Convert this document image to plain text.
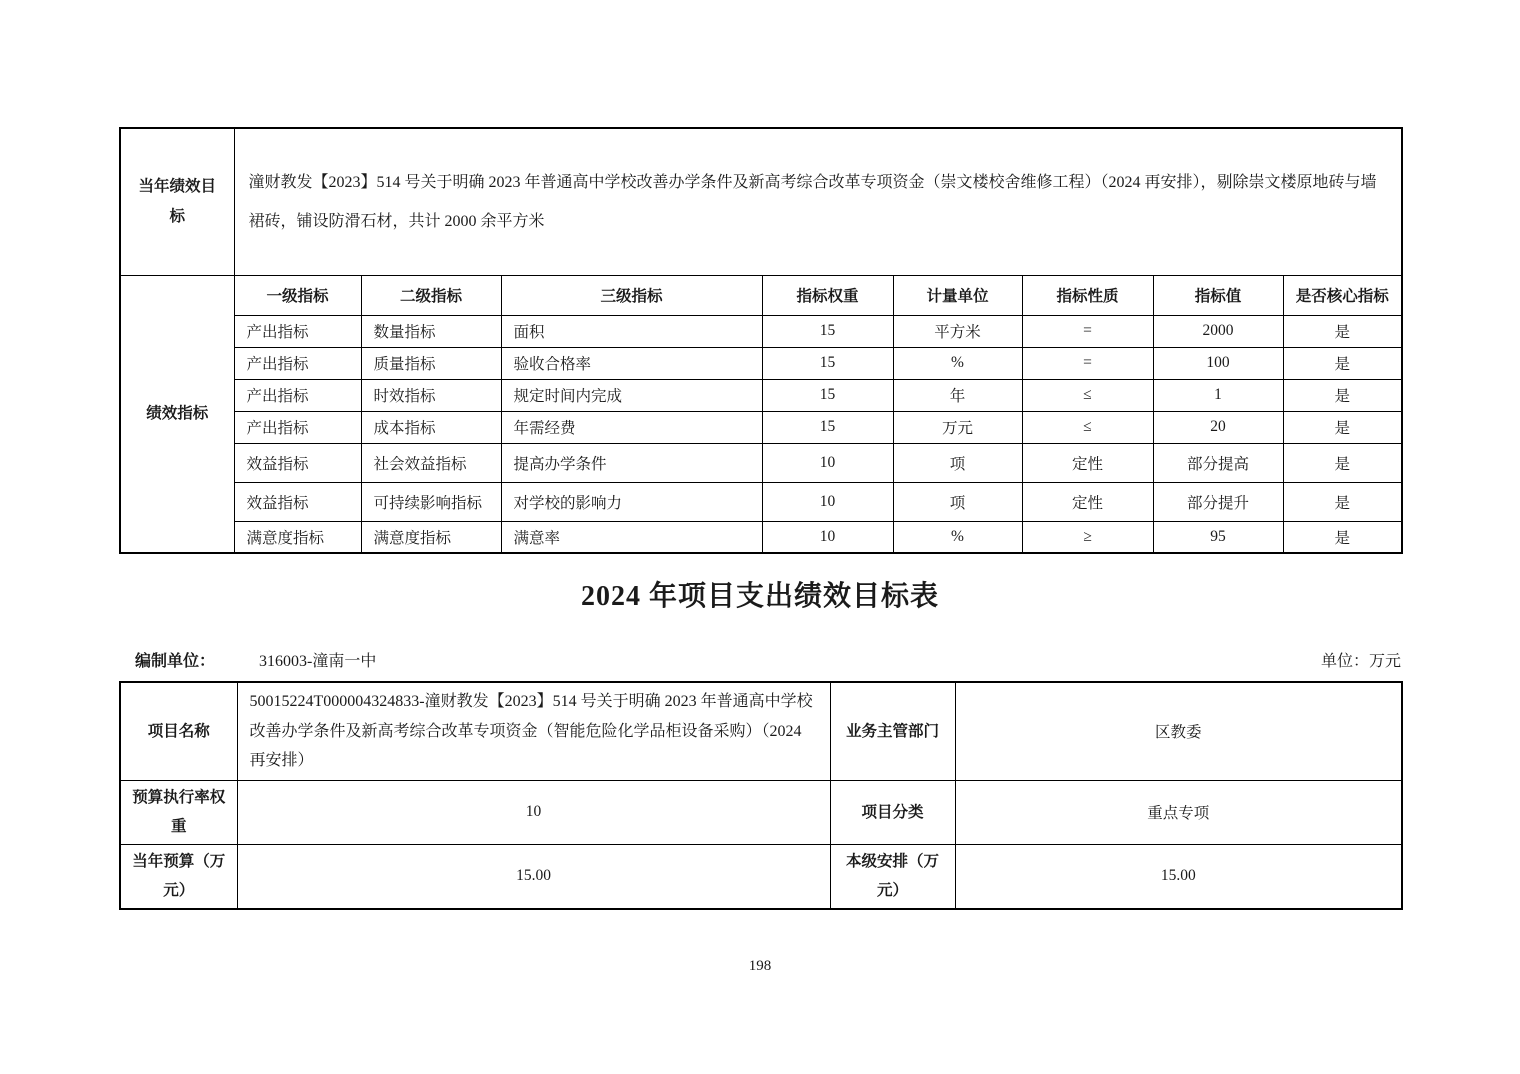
当年绩效目标	潼财教发【2023】514 号关于明确 2023 年普通高中学校改善办学条件及新高考综合改革专项资金（崇文楼校舍维修工程）（2024 再安排），剔除崇文楼原地砖与墙裙砖，铺设防滑石材，共计 2000 余平方米							
绩效指标	一级指标	二级指标	三级指标	指标权重	计量单位	指标性质	指标值	是否核心指标
	产出指标	数量指标	面积	15	平方米	=	2000	是
	产出指标	质量指标	验收合格率	15	%	=	100	是
	产出指标	时效指标	规定时间内完成	15	年	≤	1	是
	产出指标	成本指标	年需经费	15	万元	≤	20	是
	效益指标	社会效益指标	提高办学条件	10	项	定性	部分提高	是
	效益指标	可持续影响指标	对学校的影响力	10	项	定性	部分提升	是
	满意度指标	满意度指标	满意率	10	%	≥	95	是
2024 年项目支出绩效目标表
编制单位：	316003-潼南一中	单位：万元
项目名称	50015224T000004324833-潼财教发【2023】514 号关于明确 2023 年普通高中学校改善办学条件及新高考综合改革专项资金（智能危险化学品柜设备采购）（2024 再安排）	业务主管部门	区教委
预算执行率权重	10	项目分类	重点专项
当年预算（万元）	15.00	本级安排（万元）	15.00
198
